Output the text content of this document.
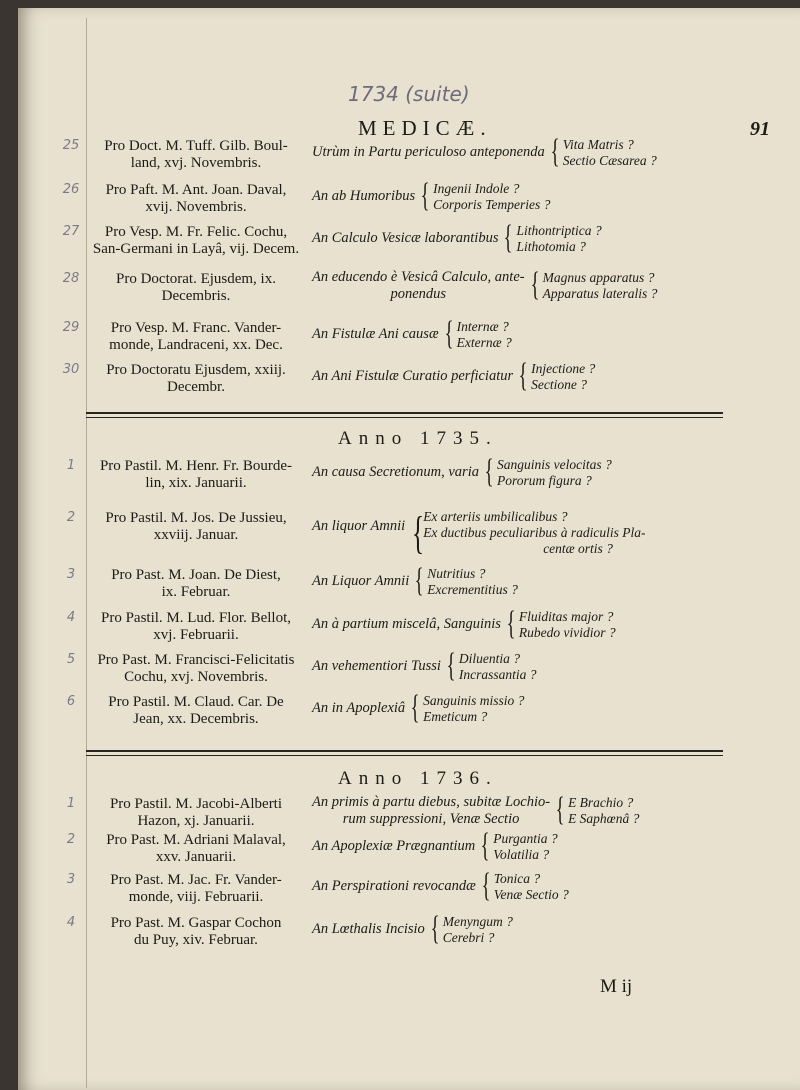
1734 (suite)
MEDICÆ.	91
Anno 1735.
Anno 1736.
25	Pro Doct. M. Tuff. Gilb. Boul-
land, xvj. Novembris.
Utrùm in Partu periculoso anteponenda { Vita Matris ?
Sectio Cæsarea ?
26	Pro Paft. M. Ant. Joan. Daval,
xvij. Novembris.
An ab Humoribus { Ingenii Indole ?
Corporis Temperies ?
27	Pro Vesp. M. Fr. Felic. Cochu,
San-Germani in Layâ, vij. Decem.
An Calculo Vesicæ laborantibus { Lithontriptica ?
Lithotomia ?
28	Pro Doctorat. Ejusdem, ix.
Decembris.
An educendo è Vesicâ Calculo, ante-
ponendus	{ Magnus apparatus ?
Apparatus lateralis ?
29	Pro Vesp. M. Franc. Vander-
monde, Landraceni, xx. Dec.
An Fistulæ Ani causæ { Internæ ?
Externæ ?
30	Pro Doctoratu Ejusdem, xxiij.
Decembr.
An Ani Fistulæ Curatio perficiatur { Injectione ?
Sectione ?
1	Pro Pastil. M. Henr. Fr. Bourde-
lin, xix. Januarii.
An causa Secretionum, varia { Sanguinis velocitas ?
Pororum figura ?
2	Pro Pastil. M. Jos. De Jussieu,
xxviij. Januar.
An liquor Amnii {
Ex arteriis umbilicalibus ?
Ex ductibus peculiaribus à radiculis Pla-
centæ ortis ?
3	Pro Past. M. Joan. De Diest,
ix. Februar.
An Liquor Amnii { Nutritius ?
Excrementitius ?
4	Pro Pastil. M. Lud. Flor. Bellot,
xvj. Februarii.
An à partium miscelâ, Sanguinis { Fluiditas major ?
Rubedo vividior ?
5	Pro Past. M. Francisci-Felicitatis
Cochu, xvj. Novembris.
An vehementiori Tussi { Diluentia ?
Incrassantia ?
6	Pro Pastil. M. Claud. Car. De
Jean, xx. Decembris.
An in Apoplexiâ { Sanguinis missio ?
Emeticum ?
1	Pro Pastil. M. Jacobi-Alberti
Hazon, xj. Januarii.
An primis à partu diebus, subitæ Lochio-
rum suppressioni, Venæ Sectio	{ E Brachio ?
E Saphœnâ ?
2	Pro Past. M. Adriani Malaval,
xxv. Januarii.
An Apoplexiæ Prægnantium { Purgantia ?
Volatilia ?
3	Pro Past. M. Jac. Fr. Vander-
monde, viij. Februarii.
An Perspirationi revocandæ { Tonica ?
Venæ Sectio ?
4	Pro Past. M. Gaspar Cochon
du Puy, xiv. Februar.
An Lœthalis Incisio { Menyngum ?
Cerebri ?
M ij
